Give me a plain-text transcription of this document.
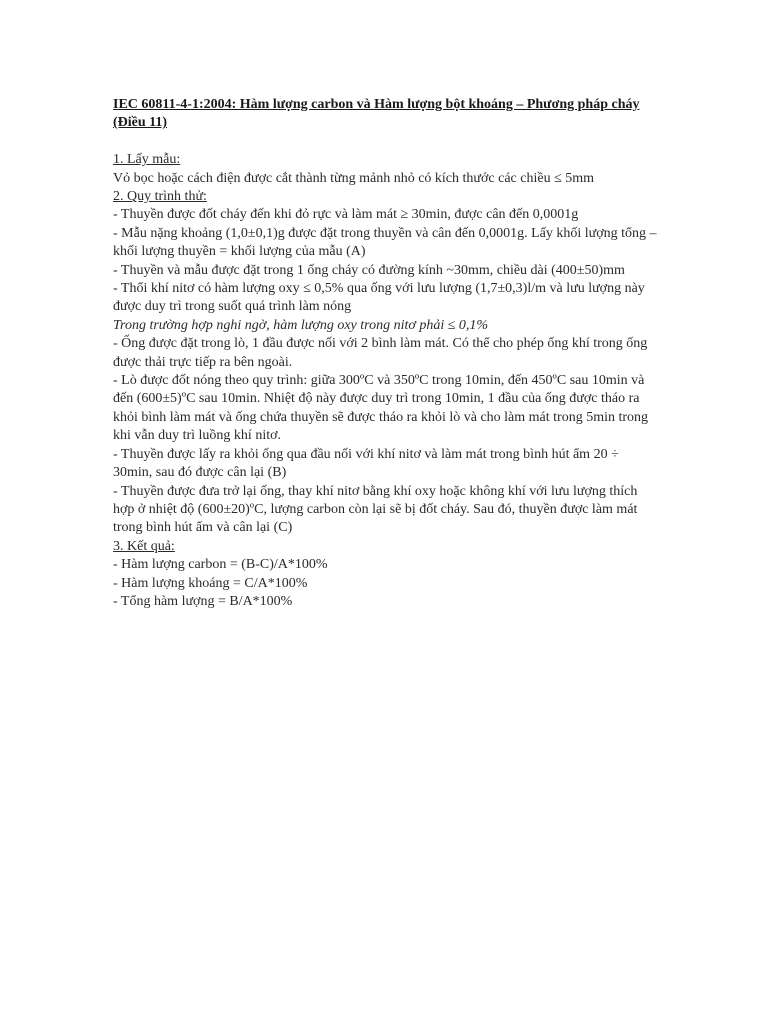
IEC 60811-4-1:2004: Hàm lượng carbon và Hàm lượng bột khoáng – Phương pháp cháy (Điều 11)

1. Lấy mẫu:

Vỏ bọc hoặc cách điện được cắt thành từng mảnh nhỏ có kích thước các chiều ≤ 5mm

2. Quy trình thử:

- Thuyền được đốt cháy đến khi đỏ rực và làm mát ≥ 30min, được cân đến 0,0001g

- Mẫu nặng khoảng (1,0±0,1)g được đặt trong thuyền và cân đến 0,0001g. Lấy khối lượng tổng – khối lượng thuyền = khối lượng của mẫu (A)

- Thuyền và mẫu được đặt trong 1 ống cháy có đường kính ~30mm, chiều dài (400±50)mm

- Thổi khí nitơ có hàm lượng oxy ≤ 0,5% qua ống với lưu lượng (1,7±0,3)l/m và lưu lượng này được duy trì trong suốt quá trình làm nóng

Trong trường hợp nghi ngờ, hàm lượng oxy trong nitơ phải ≤ 0,1%

- Ống được đặt trong lò, 1 đầu được nối với 2 bình làm mát. Có thể cho phép ống khí trong ống được thải trực tiếp ra bên ngoài.

- Lò được đốt nóng theo quy trình: giữa 300ºC và 350ºC trong 10min, đến 450ºC sau 10min và đến (600±5)ºC sau 10min. Nhiệt độ này được duy trì trong 10min, 1 đầu của ống được tháo ra khỏi bình làm mát và ống chứa thuyền sẽ được tháo ra khỏi lò và cho làm mát trong 5min trong khi vẫn duy trì luồng khí nitơ.

- Thuyền được lấy ra khỏi ống qua đầu nối với khí nitơ và làm mát trong bình hút ẩm 20 ÷ 30min, sau đó được cân lại (B)

- Thuyền được đưa trở lại ống, thay khí nitơ bằng khí oxy hoặc không khí với lưu lượng thích hợp ở nhiệt độ (600±20)ºC, lượng carbon còn lại sẽ bị đốt cháy. Sau đó, thuyền được làm mát trong bình hút ẩm và cân lại (C)

3. Kết quả:

- Hàm lượng carbon = (B-C)/A*100%

- Hàm lượng khoáng = C/A*100%

- Tổng hàm lượng = B/A*100%
